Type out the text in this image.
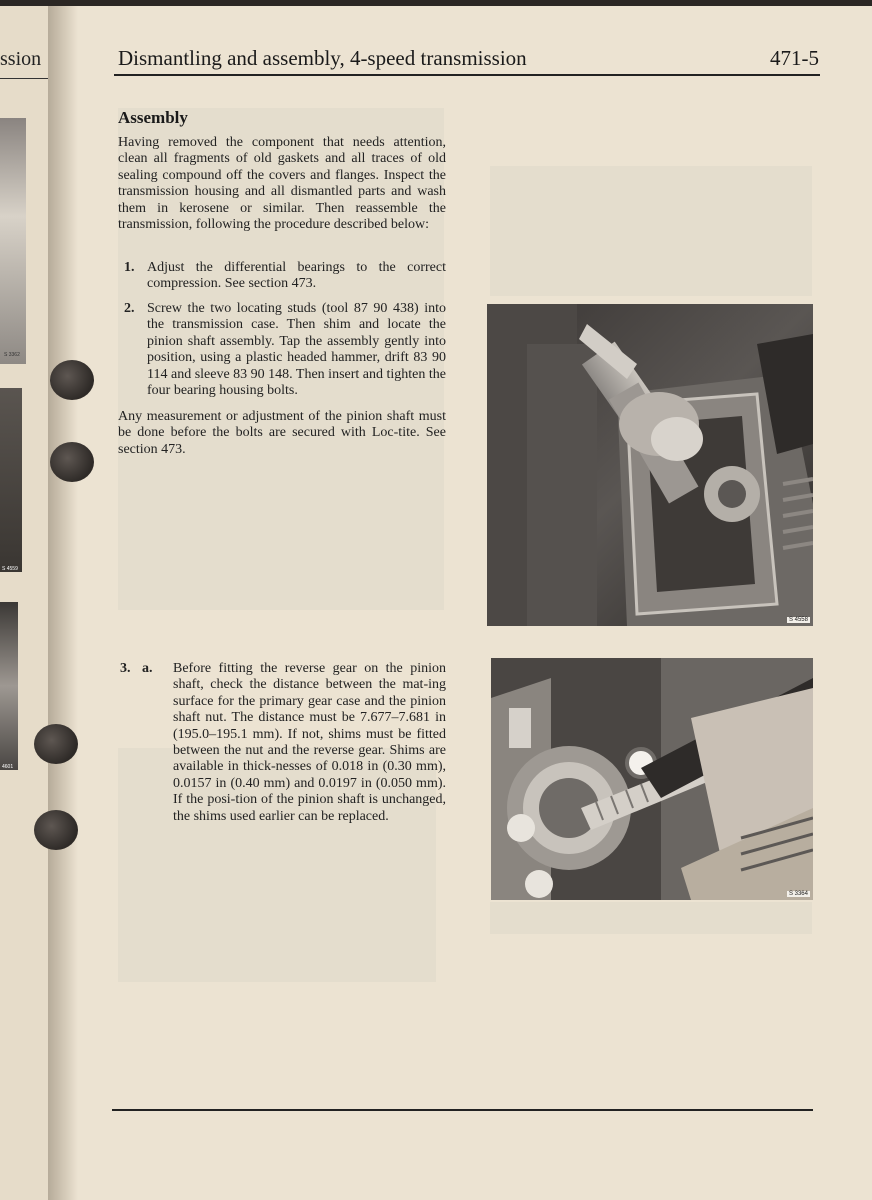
ssion
S 3362
S 4559
4601
Dismantling and assembly, 4-speed transmission	471-5
Assembly
Having removed the component that needs attention, clean all fragments of old gaskets and all traces of old sealing compound off the covers and flanges. Inspect the transmission housing and all dismantled parts and wash them in kerosene or similar. Then reassemble the transmission, following the procedure described below:
1. Adjust the differential bearings to the correct compression. See section 473.
2. Screw the two locating studs (tool 87 90 438) into the transmission case. Then shim and locate the pinion shaft assembly. Tap the assembly gently into position, using a plastic headed hammer, drift 83 90 114 and sleeve 83 90 148. Then insert and tighten the four bearing housing bolts.
Any measurement or adjustment of the pinion shaft must be done before the bolts are secured with Loc-tite. See section 473.
3. a. Before fitting the reverse gear on the pinion shaft, check the distance between the mat-ing surface for the primary gear case and the pinion shaft nut. The distance must be 7.677–7.681 in (195.0–195.1 mm). If not, shims must be fitted between the nut and the reverse gear. Shims are available in thick-nesses of 0.018 in (0.30 mm), 0.0157 in (0.40 mm) and 0.0197 in (0.050 mm). If the posi-tion of the pinion shaft is unchanged, the shims used earlier can be replaced.
S 4558
S 3364
